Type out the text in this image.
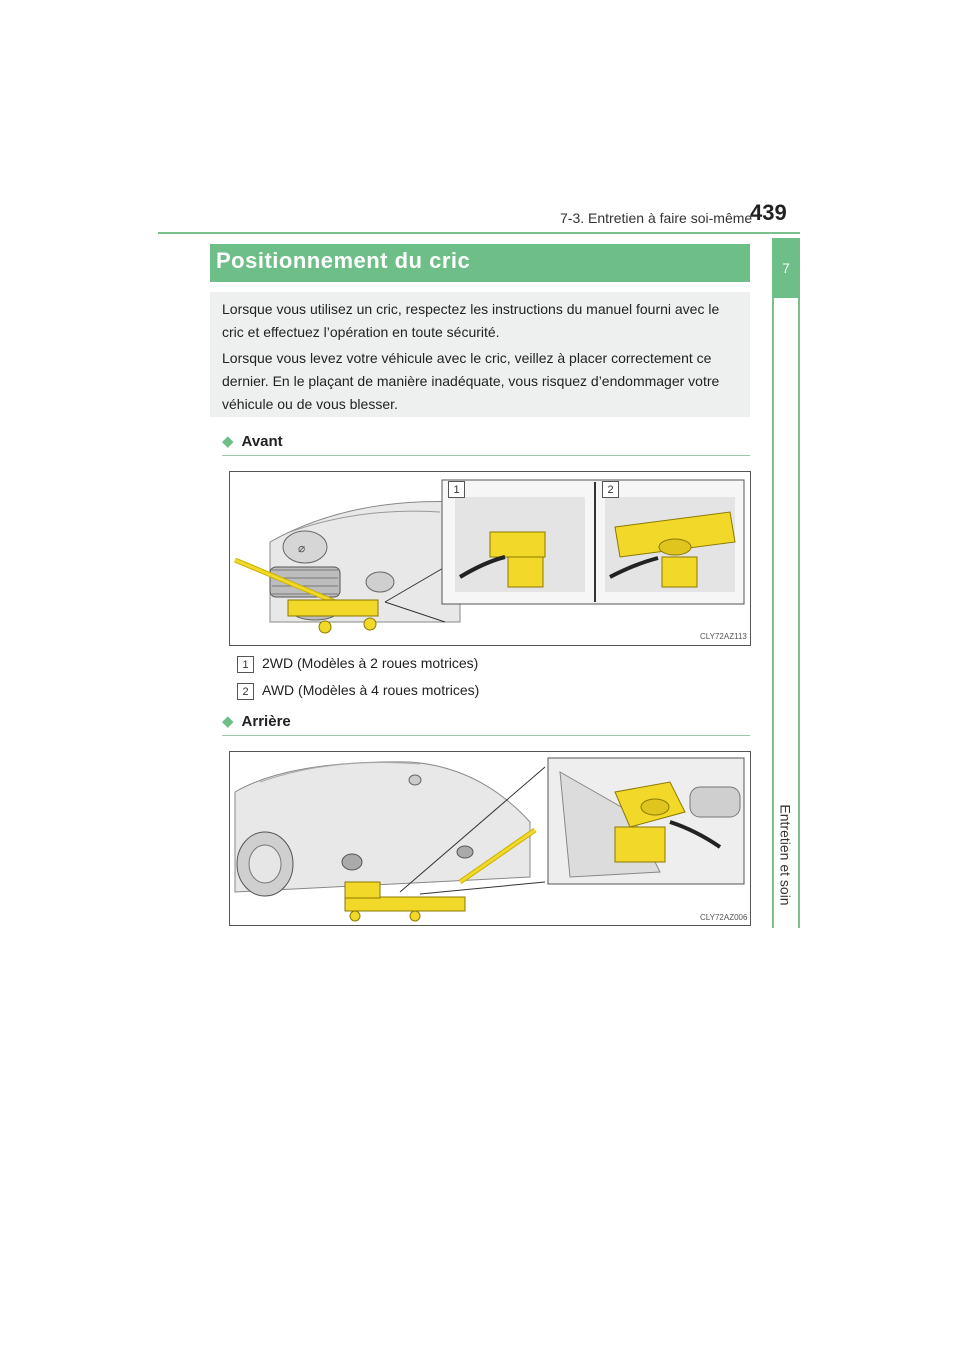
7-3. Entretien à faire soi-même
439
7
Entretien et soin
Positionnement du cric
Lorsque vous utilisez un cric, respectez les instructions du manuel fourni avec le cric et effectuez l’opération en toute sécurité.
Lorsque vous levez votre véhicule avec le cric, veillez à placer correctement ce dernier. En le plaçant de manière inadéquate, vous risquez d’endommager votre véhicule ou de vous blesser.
◆ Avant
⌀
1	2
CLY72AZ113
1 2WD (Modèles à 2 roues motrices)
2 AWD (Modèles à 4 roues motrices)
◆ Arrière
CLY72AZ006
